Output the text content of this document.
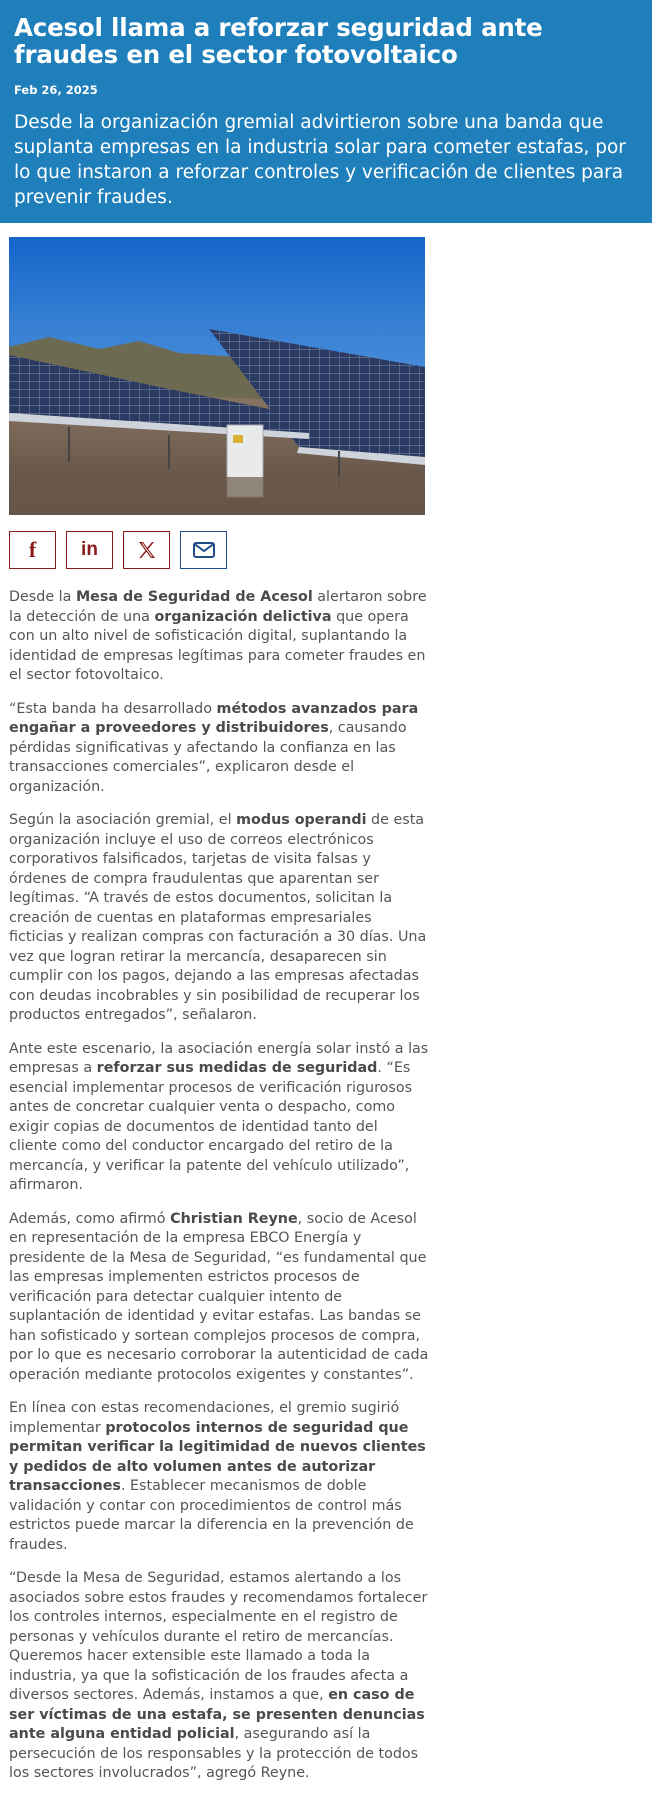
Acesol llama a reforzar seguridad ante fraudes en el sector fotovoltaico
Feb 26, 2025
Desde la organización gremial advirtieron sobre una banda que suplanta empresas en la industria solar para cometer estafas, por lo que instaron a reforzar controles y verificación de clientes para prevenir fraudes.
f in

Desde la Mesa de Seguridad de Acesol alertaron sobre la detección de una organización delictiva que opera con un alto nivel de sofisticación digital, suplantando la identidad de empresas legítimas para cometer fraudes en el sector fotovoltaico.

“Esta banda ha desarrollado métodos avanzados para engañar a proveedores y distribuidores, causando pérdidas significativas y afectando la confianza en las transacciones comerciales”, explicaron desde el organización.

Según la asociación gremial, el modus operandi de esta organización incluye el uso de correos electrónicos corporativos falsificados, tarjetas de visita falsas y órdenes de compra fraudulentas que aparentan ser legítimas. “A través de estos documentos, solicitan la creación de cuentas en plataformas empresariales ficticias y realizan compras con facturación a 30 días. Una vez que logran retirar la mercancía, desaparecen sin cumplir con los pagos, dejando a las empresas afectadas con deudas incobrables y sin posibilidad de recuperar los productos entregados”, señalaron.

Ante este escenario, la asociación energía solar instó a las empresas a reforzar sus medidas de seguridad. “Es esencial implementar procesos de verificación rigurosos antes de concretar cualquier venta o despacho, como exigir copias de documentos de identidad tanto del cliente como del conductor encargado del retiro de la mercancía, y verificar la patente del vehículo utilizado”, afirmaron.

Además, como afirmó Christian Reyne, socio de Acesol en representación de la empresa EBCO Energía y presidente de la Mesa de Seguridad, “es fundamental que las empresas implementen estrictos procesos de verificación para detectar cualquier intento de suplantación de identidad y evitar estafas. Las bandas se han sofisticado y sortean complejos procesos de compra, por lo que es necesario corroborar la autenticidad de cada operación mediante protocolos exigentes y constantes”.

En línea con estas recomendaciones, el gremio sugirió implementar protocolos internos de seguridad que permitan verificar la legitimidad de nuevos clientes y pedidos de alto volumen antes de autorizar transacciones. Establecer mecanismos de doble validación y contar con procedimientos de control más estrictos puede marcar la diferencia en la prevención de fraudes.

“Desde la Mesa de Seguridad, estamos alertando a los asociados sobre estos fraudes y recomendamos fortalecer los controles internos, especialmente en el registro de personas y vehículos durante el retiro de mercancías. Queremos hacer extensible este llamado a toda la industria, ya que la sofisticación de los fraudes afecta a diversos sectores. Además, instamos a que, en caso de ser víctimas de una estafa, se presenten denuncias ante alguna entidad policial, asegurando así la persecución de los responsables y la protección de todos los sectores involucrados”, agregó Reyne.
